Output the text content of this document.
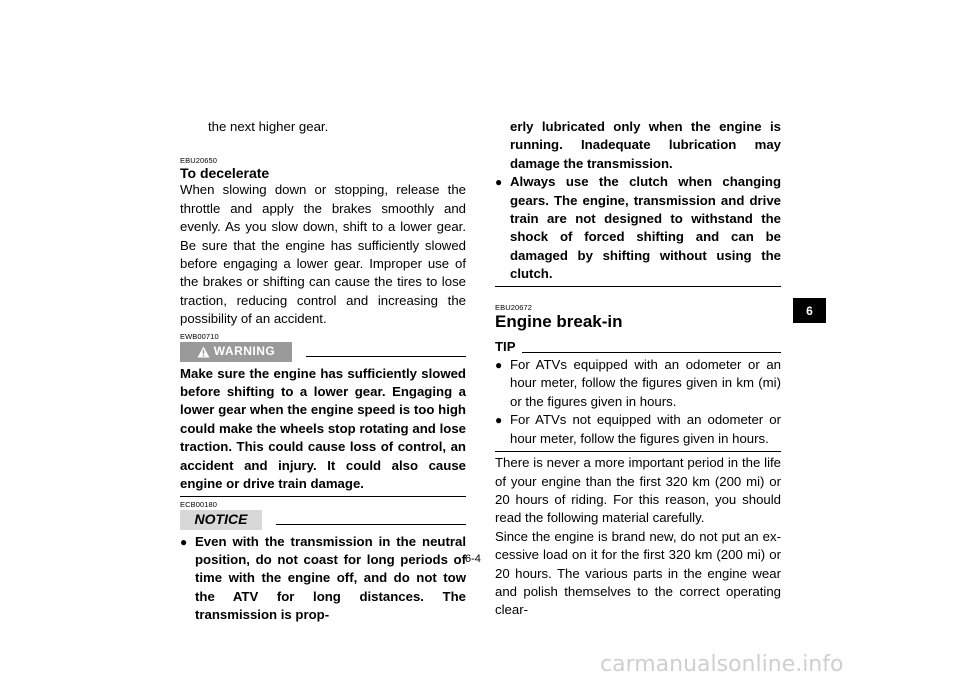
the next higher gear.

EBU20650
To decelerate

When slowing down or stopping, release the throttle and apply the brakes smoothly and evenly. As you slow down, shift to a lower gear. Be sure that the engine has sufficiently slowed before engaging a lower gear. Improper use of the brakes or shifting can cause the tires to lose traction, reducing control and increasing the possibility of an accident.

EWB00710
WARNING

Make sure the engine has sufficiently slowed before shifting to a lower gear. Engaging a lower gear when the engine speed is too high could make the wheels stop rotating and lose traction. This could cause loss of control, an accident and injury. It could also cause engine or drive train damage.

ECB00180
NOTICE
● Even with the transmission in the neutral position, do not coast for long periods of time with the engine off, and do not tow the ATV for long distances. The transmission is prop-
erly lubricated only when the engine is running. Inadequate lubrication may damage the transmission.
● Always use the clutch when changing gears. The engine, transmission and drive train are not designed to withstand the shock of forced shifting and can be damaged by shifting without using the clutch.
EBU20672
Engine break-in
TIP
● For ATVs equipped with an odometer or an hour meter, follow the figures given in km (mi) or the figures given in hours.
● For ATVs not equipped with an odometer or hour meter, follow the figures given in hours.

There is never a more important period in the life of your engine than the first 320 km (200 mi) or 20 hours of riding. For this reason, you should read the following material carefully.

Since the engine is brand new, do not put an excessive load on it for the first 320 km (200 mi) or 20 hours. The various parts in the engine wear and polish themselves to the correct operating clear-

6
6-4
carmanualsonline.info
